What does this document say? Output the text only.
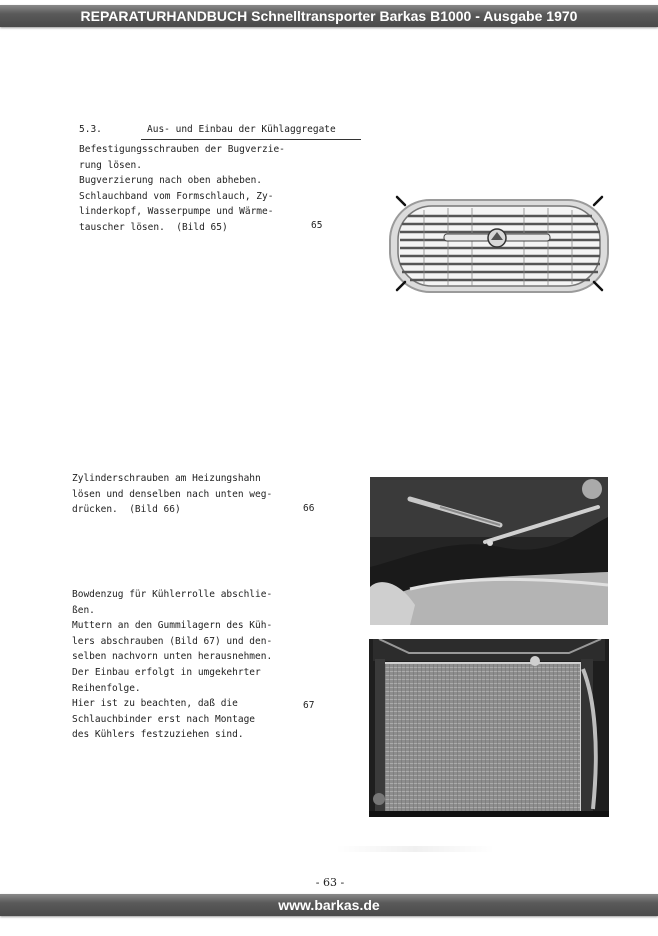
REPARATURHANDBUCH Schnelltransporter Barkas B1000 - Ausgabe 1970
5.3.	Aus- und Einbau der Kühlaggregate
Befestigungsschrauben der Bugverzie-
rung lösen.
Bugverzierung nach oben abheben.
Schlauchband vom Formschlauch, Zy-
linderkopf, Wasserpumpe und Wärme-
tauscher lösen.  (Bild 65)	65
Zylinderschrauben am Heizungshahn
lösen und denselben nach unten weg-
drücken.  (Bild 66)	66
Bowdenzug für Kühlerrolle abschlie-
ßen.
Muttern an den Gummilagern des Küh-
lers abschrauben (Bild 67) und den-
selben nachvorn unten herausnehmen.
Der Einbau erfolgt in umgekehrter
Reihenfolge.
Hier ist zu beachten, daß die
Schlauchbinder erst nach Montage
des Kühlers festzuziehen sind.
67
- 63 -
www.barkas.de
